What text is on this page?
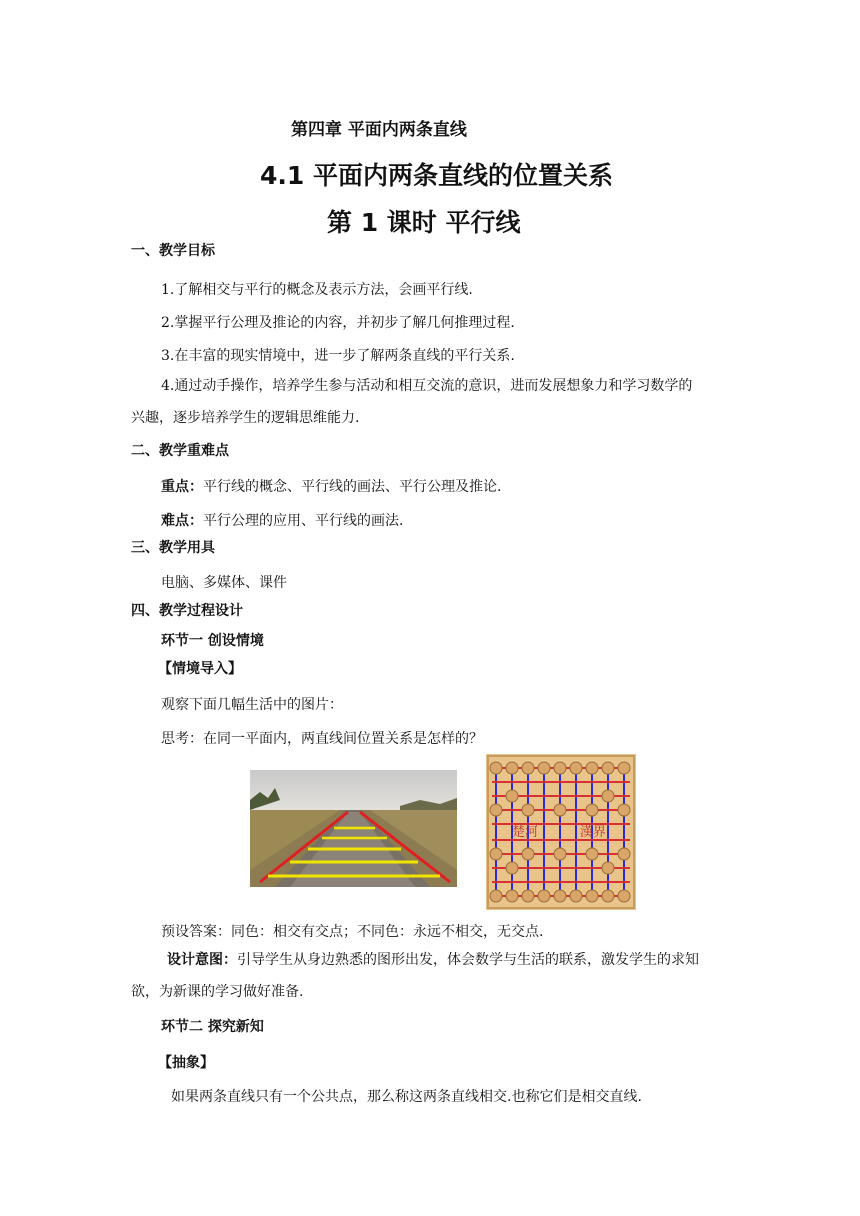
第四章 平面内两条直线
4.1 平面内两条直线的位置关系
第 1 课时 平行线
一、教学目标
1.了解相交与平行的概念及表示方法，会画平行线.
2.掌握平行公理及推论的内容，并初步了解几何推理过程.
3.在丰富的现实情境中，进一步了解两条直线的平行关系.
4.通过动手操作，培养学生参与活动和相互交流的意识，进而发展想象力和学习数学的兴趣，逐步培养学生的逻辑思维能力.
二、教学重难点
重点：平行线的概念、平行线的画法、平行公理及推论.
难点：平行公理的应用、平行线的画法.
三、教学用具
电脑、多媒体、课件
四、教学过程设计
环节一 创设情境
【情境导入】
观察下面几幅生活中的图片：
思考：在同一平面内，两直线间位置关系是怎样的？
楚河	漢界
预设答案：同色：相交有交点；不同色：永远不相交，无交点.
设计意图：引导学生从身边熟悉的图形出发，体会数学与生活的联系，激发学生的求知欲，为新课的学习做好准备.
环节二 探究新知
【抽象】
如果两条直线只有一个公共点，那么称这两条直线相交.也称它们是相交直线.
